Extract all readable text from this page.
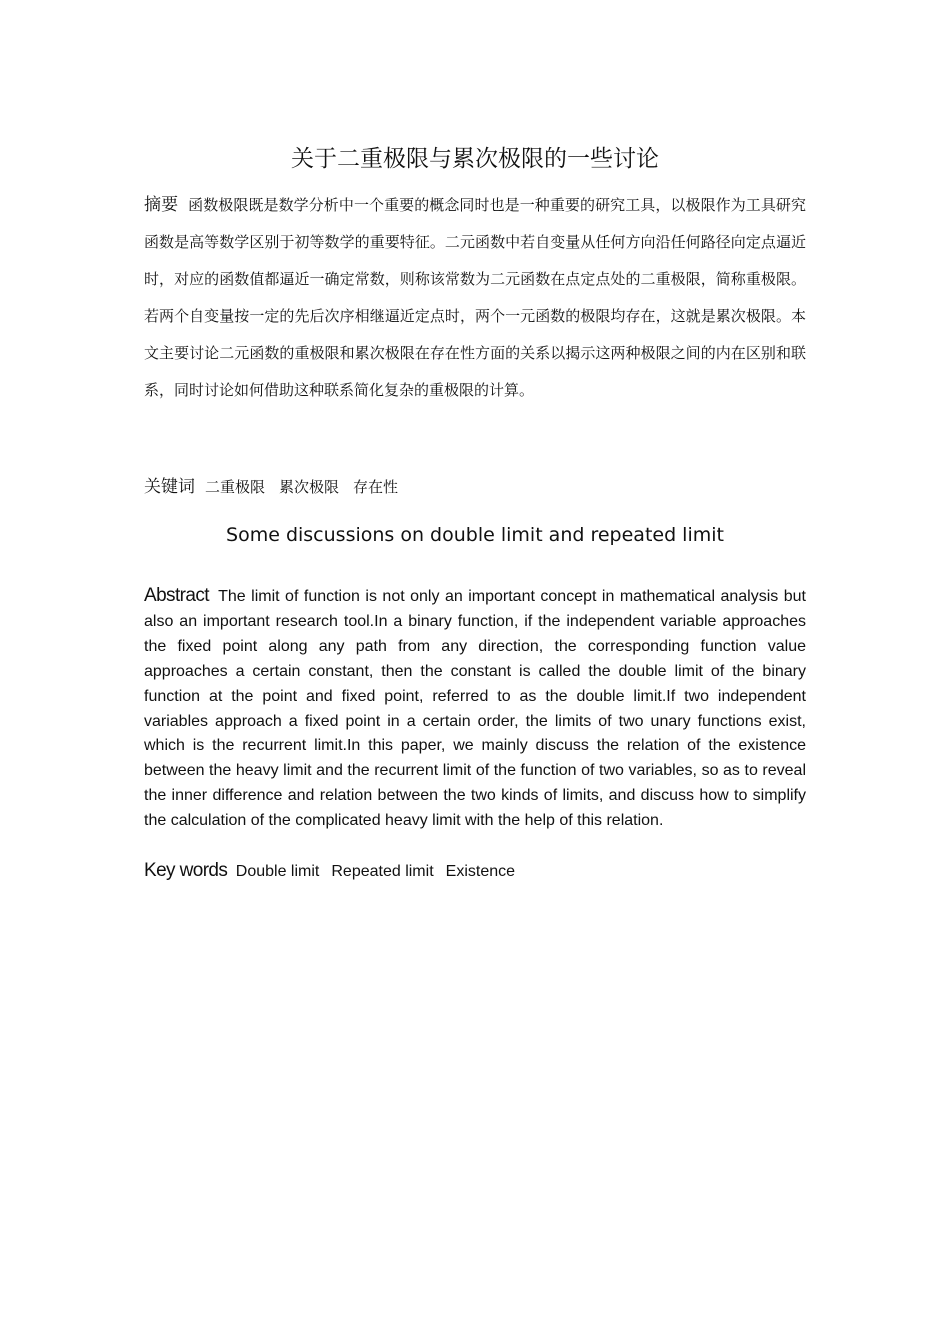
关于二重极限与累次极限的一些讨论

摘要 函数极限既是数学分析中一个重要的概念同时也是一种重要的研究工具，以极限作为工具研究函数是高等数学区别于初等数学的重要特征。二元函数中若自变量从任何方向沿任何路径向定点逼近时，对应的函数值都逼近一确定常数，则称该常数为二元函数在点定点处的二重极限，简称重极限。若两个自变量按一定的先后次序相继逼近定点时，两个一元函数的极限均存在，这就是累次极限。本文主要讨论二元函数的重极限和累次极限在存在性方面的关系以揭示这两种极限之间的内在区别和联系，同时讨论如何借助这种联系简化复杂的重极限的计算。

关键词 二重极限 累次极限 存在性

Some discussions on double limit and repeated limit

Abstract The limit of function is not only an important concept in mathematical analysis but also an important research tool.In a binary function, if the independent variable approaches the fixed point along any path from any direction, the corresponding function value approaches a certain constant, then the constant is called the double limit of the binary function at the point and fixed point, referred to as the double limit.If two independent variables approach a fixed point in a certain order, the limits of two unary functions exist, which is the recurrent limit.In this paper, we mainly discuss the relation of the existence between the heavy limit and the recurrent limit of the function of two variables, so as to reveal the inner difference and relation between the two kinds of limits, and discuss how to simplify the calculation of the complicated heavy limit with the help of this relation.

Key words Double limit Repeated limit Existence
